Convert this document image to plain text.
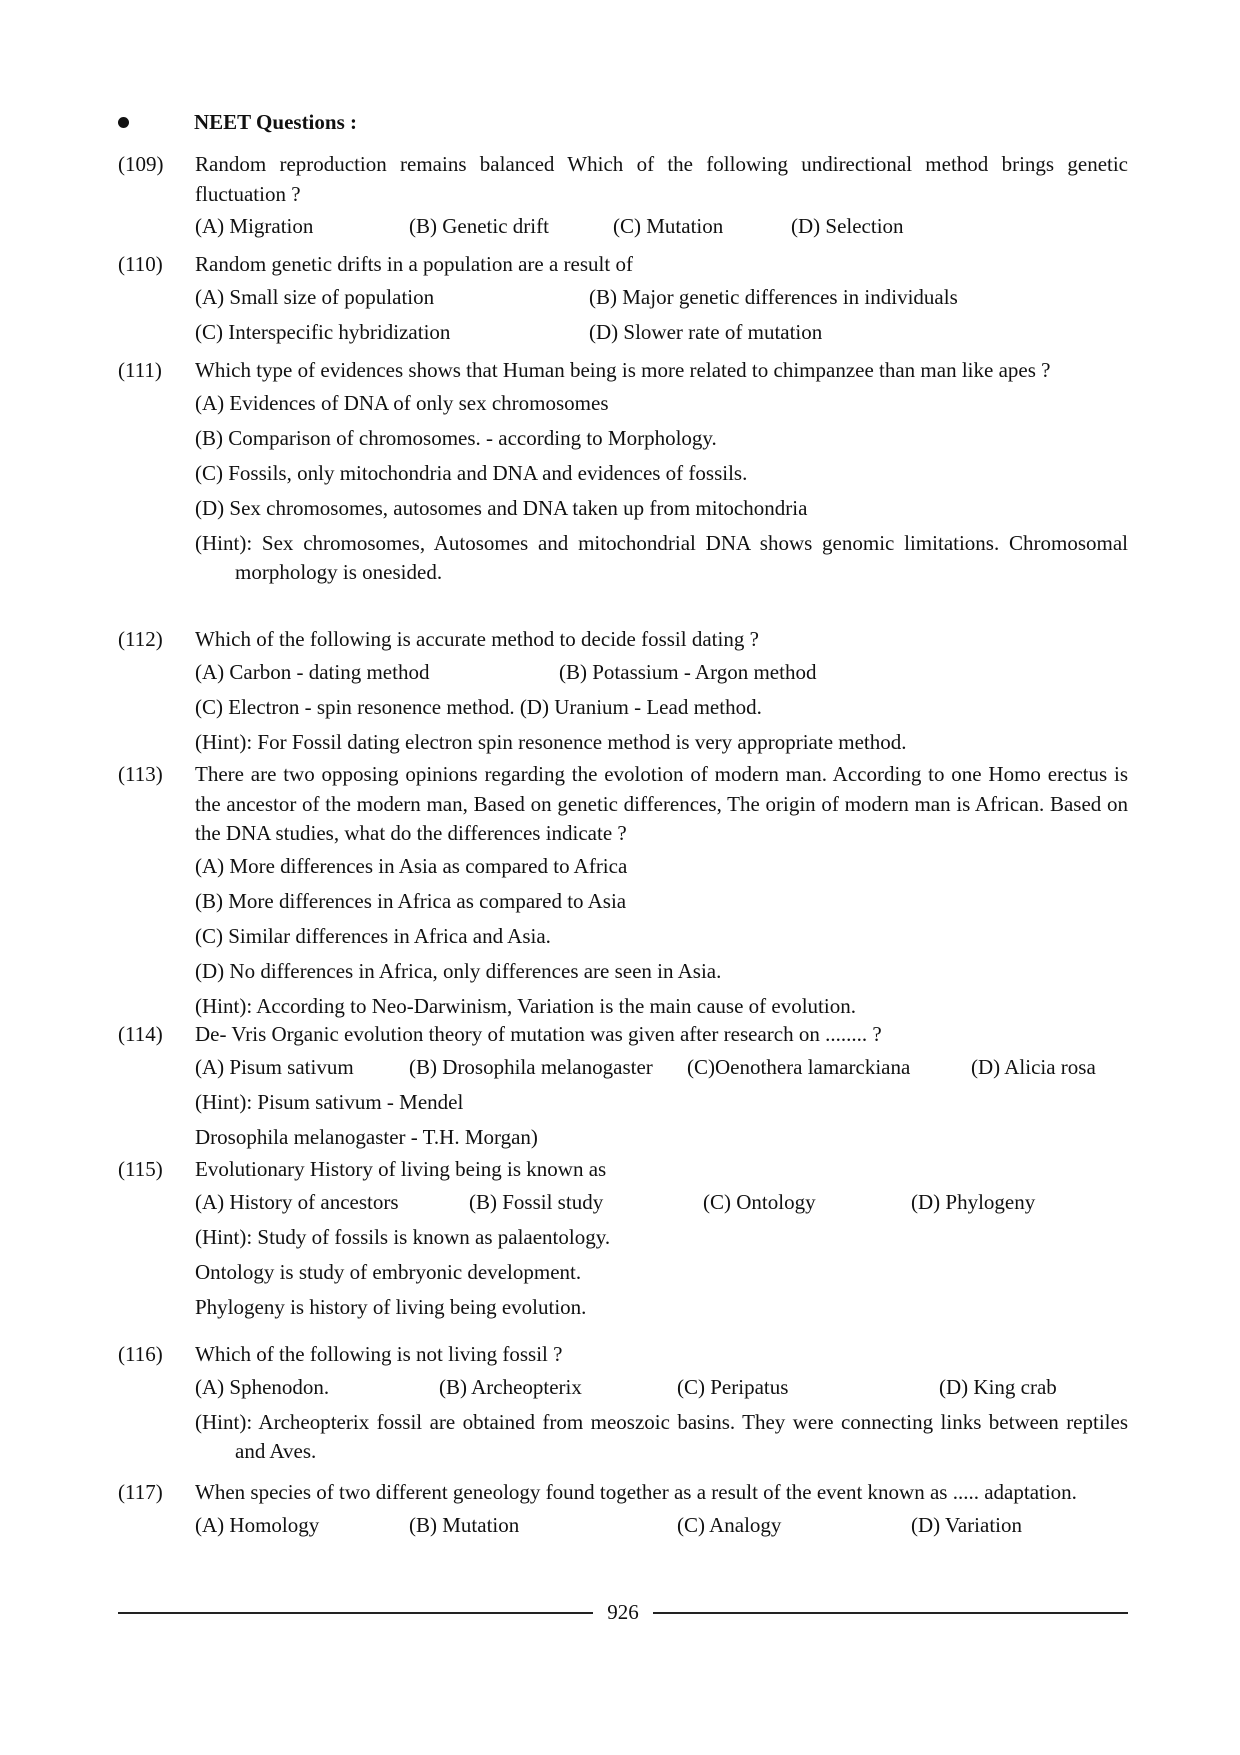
NEET Questions :
(109) Random reproduction remains balanced Which of the following undirectional method brings genetic fluctuation ?
(A) Migration	(B) Genetic drift	(C) Mutation	(D) Selection
(110) Random genetic drifts in a population are a result of
(A) Small size of population	(B) Major genetic differences in individuals
(C) Interspecific hybridization	(D) Slower rate of mutation
(111) Which type of evidences shows that Human being is more related to chimpanzee than man like apes ?
(A) Evidences of DNA of only sex chromosomes
(B) Comparison of chromosomes. - according to Morphology.
(C) Fossils, only mitochondria and DNA and evidences of fossils.
(D) Sex chromosomes, autosomes and DNA taken up from mitochondria
(Hint): Sex chromosomes, Autosomes and mitochondrial DNA shows genomic limitations. Chromosomal morphology is onesided.
(112) Which of the following is accurate method to decide fossil dating ?
(A) Carbon - dating method	(B) Potassium - Argon method
(C) Electron - spin resonence method. (D) Uranium - Lead method.
(Hint): For Fossil dating electron spin resonence method is very appropriate method.
(113) There are two opposing opinions regarding the evolotion of modern man. According to one Homo erectus is the ancestor of the modern man, Based on genetic differences, The origin of modern man is African. Based on the DNA studies, what do the differences indicate ?
(A) More differences in Asia as compared to Africa
(B) More differences in Africa as compared to Asia
(C) Similar differences in Africa and Asia.
(D) No differences in Africa, only differences are seen in Asia.
(Hint): According to Neo-Darwinism, Variation is the main cause of evolution.
(114) De- Vris Organic evolution theory of mutation was given after research on ........ ?
(A) Pisum sativum	(B) Drosophila melanogaster (C)Oenothera lamarckiana	(D) Alicia rosa
(Hint): Pisum sativum - Mendel
Drosophila melanogaster - T.H. Morgan)
(115) Evolutionary History of living being is known as
(A) History of ancestors	(B) Fossil study	(C) Ontology	(D) Phylogeny
(Hint): Study of fossils is known as palaentology.
Ontology is study of embryonic development.
Phylogeny is history of living being evolution.
(116) Which of the following is not living fossil ?
(A) Sphenodon.	(B) Archeopterix	(C) Peripatus	(D) King crab
(Hint): Archeopterix fossil are obtained from meoszoic basins. They were connecting links between reptiles and Aves.
(117) When species of two different geneology found together as a result of the event known as ..... adaptation.
(A) Homology	(B) Mutation	(C) Analogy	(D) Variation
926
